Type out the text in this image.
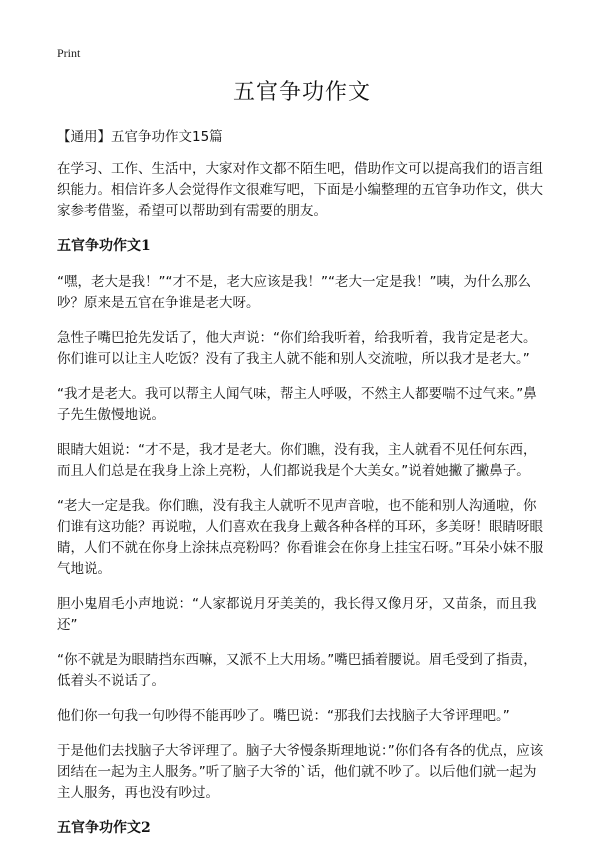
Print
五官争功作文
【通用】五官争功作文15篇

在学习、工作、生活中，大家对作文都不陌生吧，借助作文可以提高我们的语言组织能力。相信许多人会觉得作文很难写吧，下面是小编整理的五官争功作文，供大家参考借鉴，希望可以帮助到有需要的朋友。

五官争功作文1

“嘿，老大是我！”“才不是，老大应该是我！”“老大一定是我！”咦，为什么那么吵？原来是五官在争谁是老大呀。

急性子嘴巴抢先发话了，他大声说：“你们给我听着，给我听着，我肯定是老大。你们谁可以让主人吃饭？没有了我主人就不能和别人交流啦，所以我才是老大。”

“我才是老大。我可以帮主人闻气味，帮主人呼吸，不然主人都要喘不过气来。”鼻子先生傲慢地说。

眼睛大姐说：“才不是，我才是老大。你们瞧，没有我，主人就看不见任何东西，而且人们总是在我身上涂上亮粉，人们都说我是个大美女。”说着她撇了撇鼻子。

“老大一定是我。你们瞧，没有我主人就听不见声音啦，也不能和别人沟通啦，你们谁有这功能？再说啦，人们喜欢在我身上戴各种各样的耳环，多美呀！眼睛呀眼睛，人们不就在你身上涂抹点亮粉吗？你看谁会在你身上挂宝石呀。”耳朵小妹不服气地说。

胆小鬼眉毛小声地说：“人家都说月牙美美的，我长得又像月牙，又苗条，而且我还”

“你不就是为眼睛挡东西嘛，又派不上大用场。”嘴巴插着腰说。眉毛受到了指责，低着头不说话了。

他们你一句我一句吵得不能再吵了。嘴巴说：“那我们去找脑子大爷评理吧。”

于是他们去找脑子大爷评理了。脑子大爷慢条斯理地说：”你们各有各的优点，应该团结在一起为主人服务。”听了脑子大爷的`话，他们就不吵了。以后他们就一起为主人服务，再也没有吵过。

五官争功作文2
